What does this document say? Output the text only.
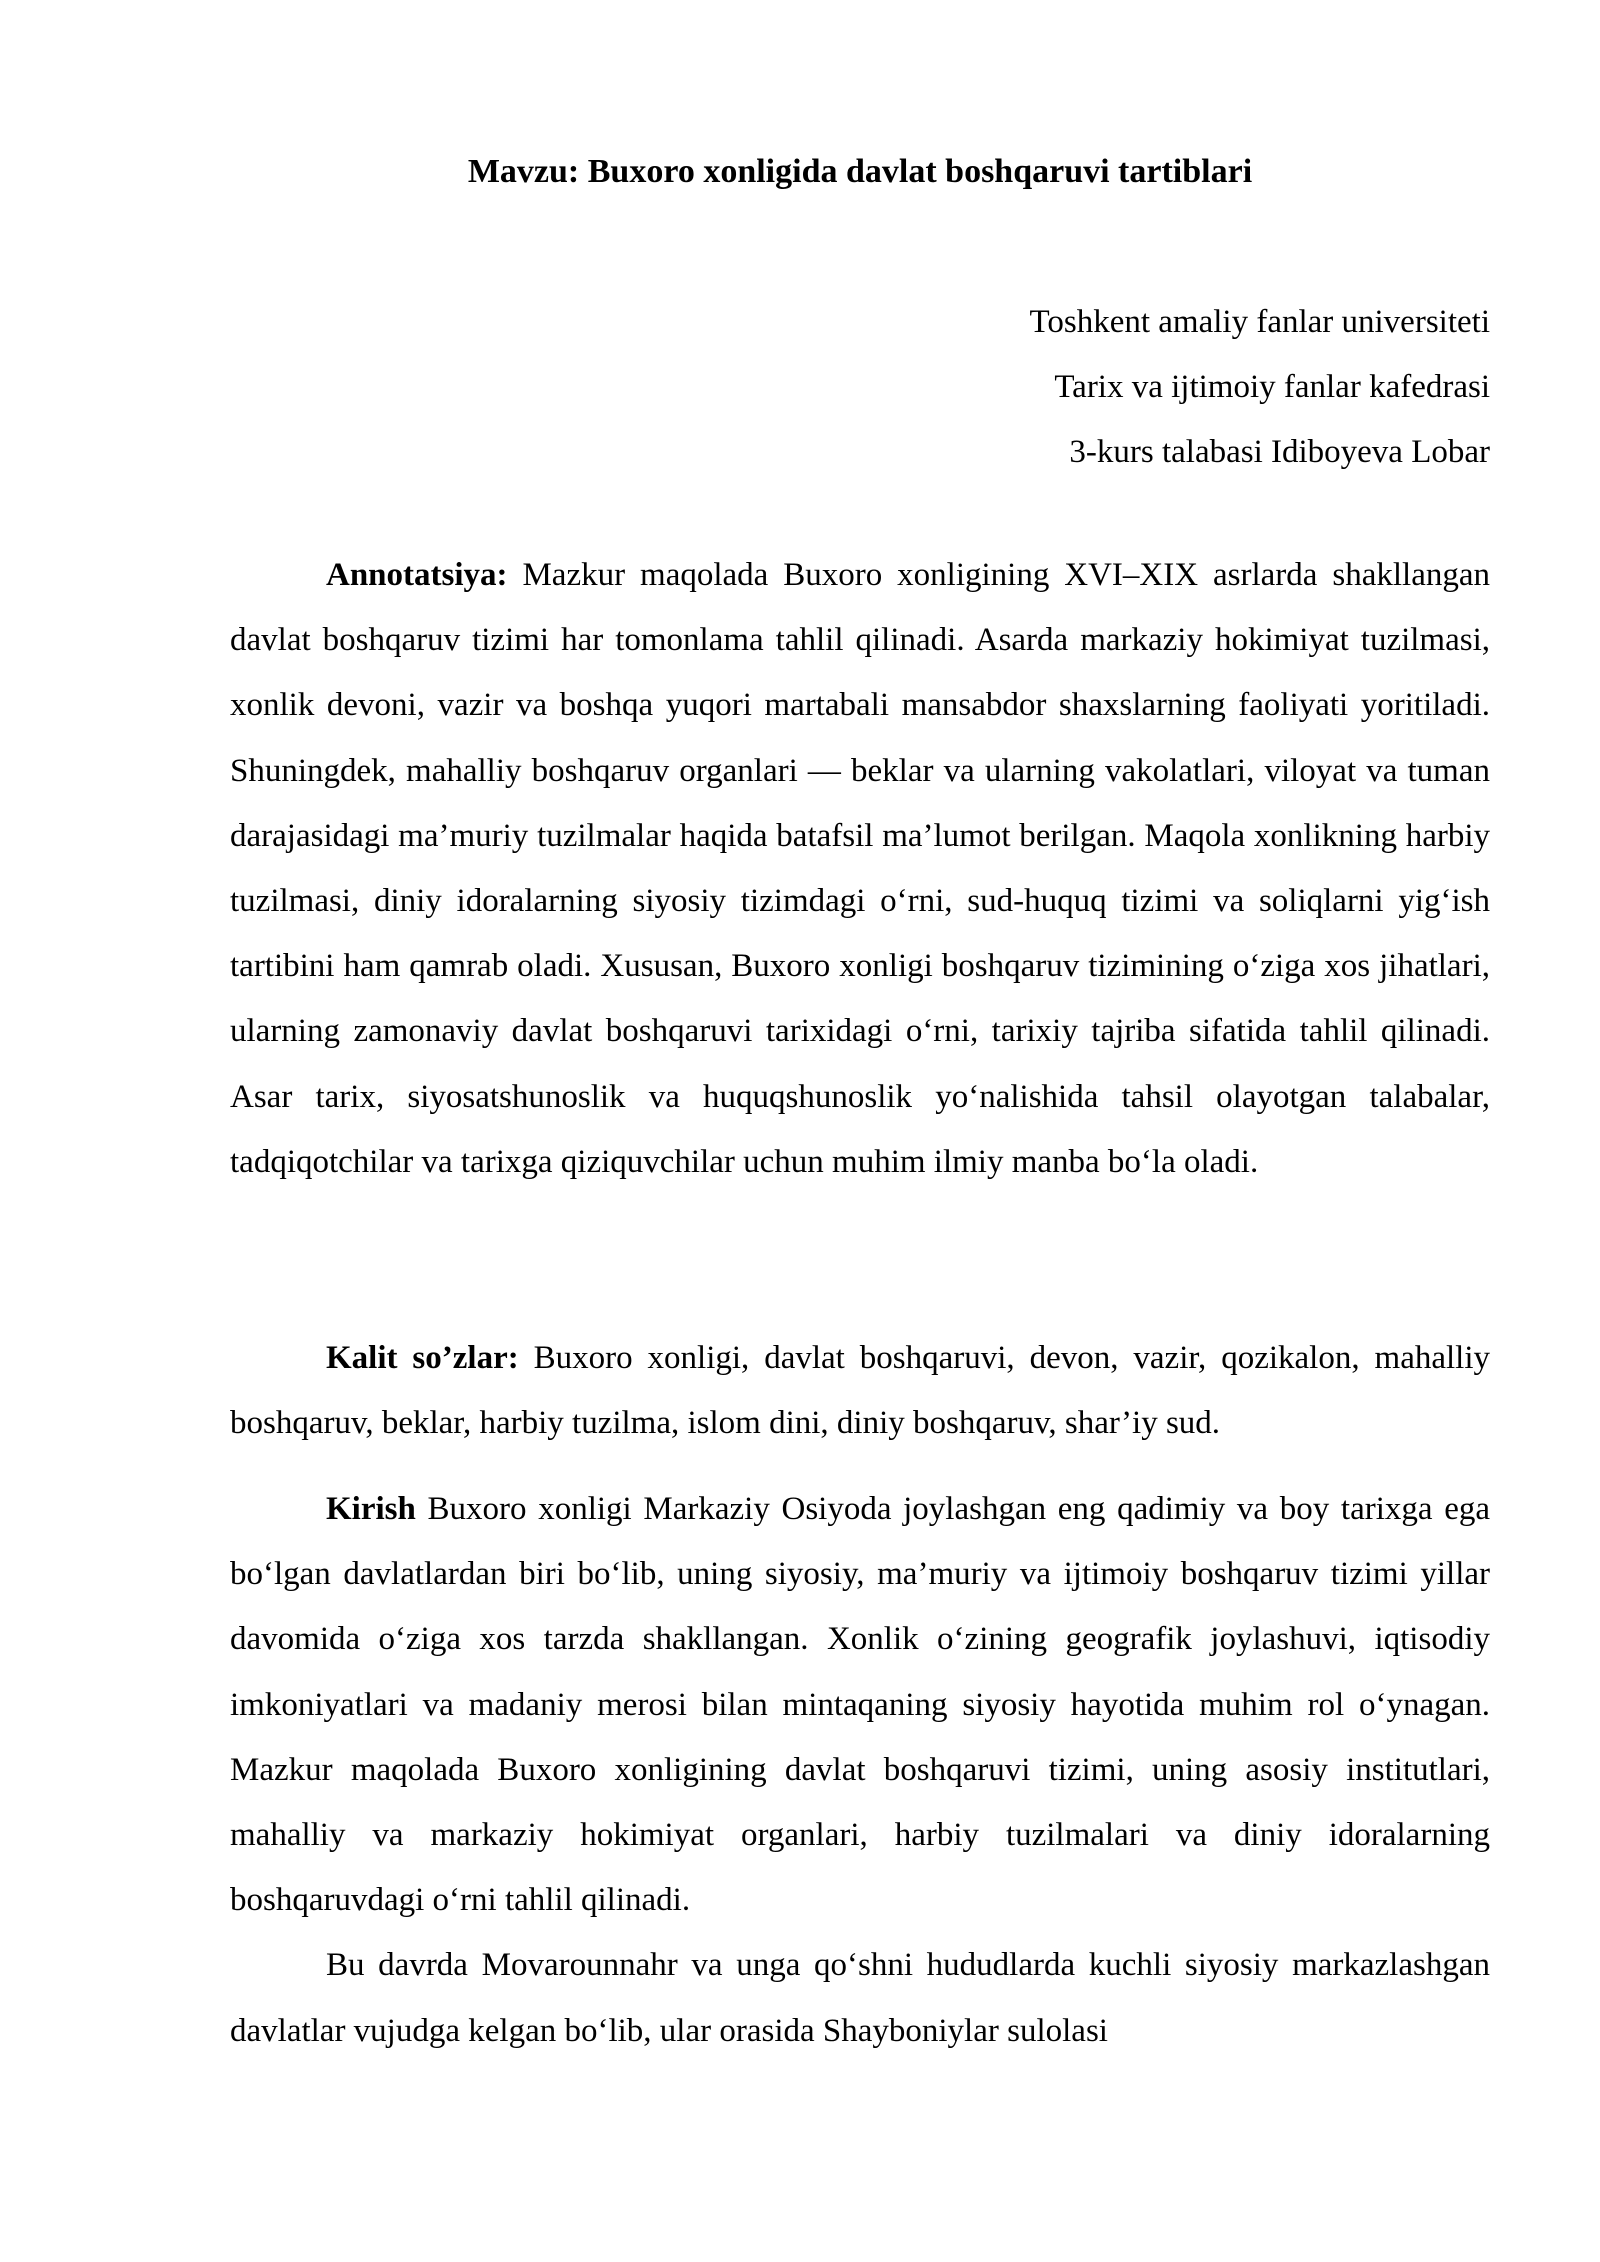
Mavzu: Buxoro xonligida davlat boshqaruvi tartiblari
Toshkent amaliy fanlar universiteti
Tarix va ijtimoiy fanlar kafedrasi
3-kurs talabasi Idiboyeva Lobar

Annotatsiya: Mazkur maqolada Buxoro xonligining XVI–XIX asrlarda shakllangan davlat boshqaruv tizimi har tomonlama tahlil qilinadi. Asarda markaziy hokimiyat tuzilmasi, xonlik devoni, vazir va boshqa yuqori martabali mansabdor shaxslarning faoliyati yoritiladi. Shuningdek, mahalliy boshqaruv organlari — beklar va ularning vakolatlari, viloyat va tuman darajasidagi ma’muriy tuzilmalar haqida batafsil ma’lumot berilgan. Maqola xonlikning harbiy tuzilmasi, diniy idoralarning siyosiy tizimdagi o‘rni, sud-huquq tizimi va soliqlarni yig‘ish tartibini ham qamrab oladi. Xususan, Buxoro xonligi boshqaruv tizimining o‘ziga xos jihatlari, ularning zamonaviy davlat boshqaruvi tarixidagi o‘rni, tarixiy tajriba sifatida tahlil qilinadi. Asar tarix, siyosatshunoslik va huquqshunoslik yo‘nalishida tahsil olayotgan talabalar, tadqiqotchilar va tarixga qiziquvchilar uchun muhim ilmiy manba bo‘la oladi.

Kalit so’zlar: Buxoro xonligi, davlat boshqaruvi, devon, vazir, qozikalon, mahalliy boshqaruv, beklar, harbiy tuzilma, islom dini, diniy boshqaruv, shar’iy sud.

Kirish Buxoro xonligi Markaziy Osiyoda joylashgan eng qadimiy va boy tarixga ega bo‘lgan davlatlardan biri bo‘lib, uning siyosiy, ma’muriy va ijtimoiy boshqaruv tizimi yillar davomida o‘ziga xos tarzda shakllangan. Xonlik o‘zining geografik joylashuvi, iqtisodiy imkoniyatlari va madaniy merosi bilan mintaqaning siyosiy hayotida muhim rol o‘ynagan. Mazkur maqolada Buxoro xonligining davlat boshqaruvi tizimi, uning asosiy institutlari, mahalliy va markaziy hokimiyat organlari, harbiy tuzilmalari va diniy idoralarning boshqaruvdagi o‘rni tahlil qilinadi.

Bu davrda Movarounnahr va unga qo‘shni hududlarda kuchli siyosiy markazlashgan davlatlar vujudga kelgan bo‘lib, ular orasida Shayboniylar sulolasi
